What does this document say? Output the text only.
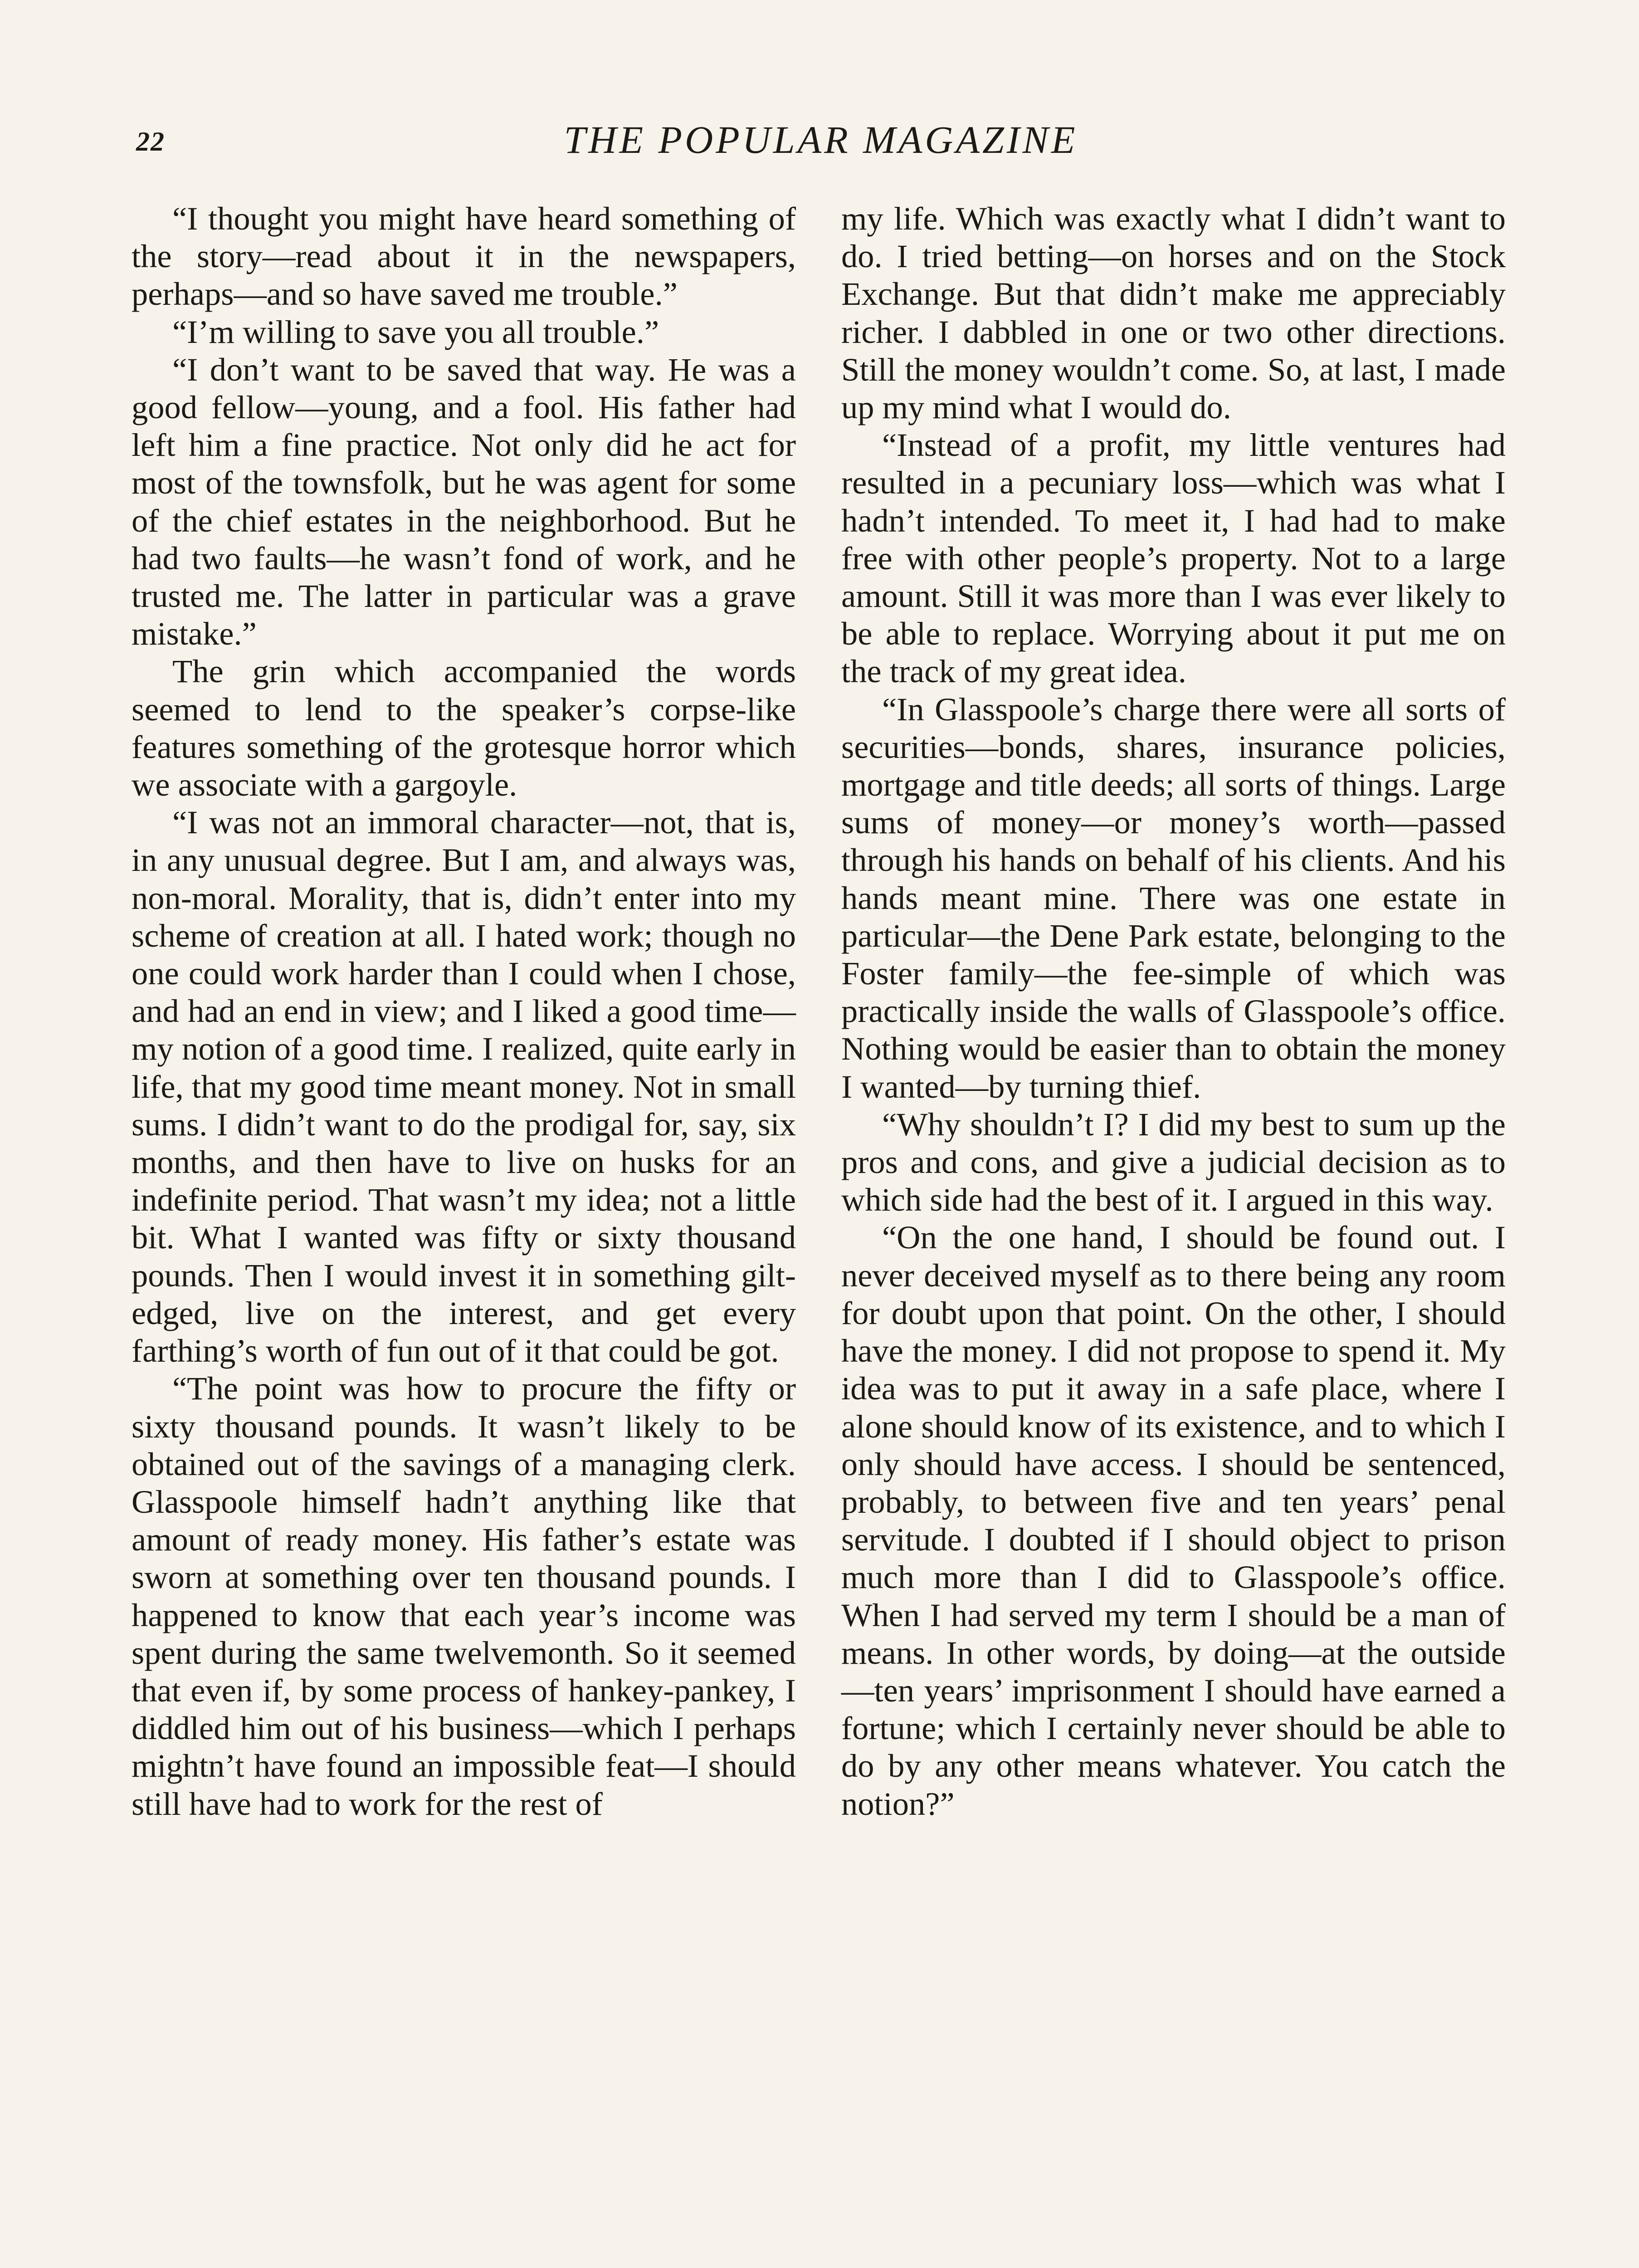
22	THE POPULAR MAGAZINE

“I thought you might have heard something of the story—read about it in the newspapers, perhaps—and so have saved me trouble.”

“I’m willing to save you all trouble.”

“I don’t want to be saved that way. He was a good fellow—young, and a fool. His father had left him a fine practice. Not only did he act for most of the townsfolk, but he was agent for some of the chief estates in the neighborhood. But he had two faults—he wasn’t fond of work, and he trusted me. The latter in particular was a grave mistake.”

The grin which accompanied the words seemed to lend to the speaker’s corpse-like features something of the grotesque horror which we associate with a gargoyle.

“I was not an immoral character—not, that is, in any unusual degree. But I am, and always was, non-moral. Morality, that is, didn’t enter into my scheme of creation at all. I hated work; though no one could work harder than I could when I chose, and had an end in view; and I liked a good time—my notion of a good time. I realized, quite early in life, that my good time meant money. Not in small sums. I didn’t want to do the prodigal for, say, six months, and then have to live on husks for an indefinite period. That wasn’t my idea; not a little bit. What I wanted was fifty or sixty thousand pounds. Then I would invest it in something gilt-edged, live on the interest, and get every farthing’s worth of fun out of it that could be got.

“The point was how to procure the fifty or sixty thousand pounds. It wasn’t likely to be obtained out of the savings of a managing clerk. Glasspoole himself hadn’t anything like that amount of ready money. His father’s estate was sworn at something over ten thousand pounds. I happened to know that each year’s income was spent during the same twelvemonth. So it seemed that even if, by some process of hankey-pankey, I diddled him out of his business—which I perhaps mightn’t have found an impossible feat—I should still have had to work for the rest of

my life. Which was exactly what I didn’t want to do. I tried betting—on horses and on the Stock Exchange. But that didn’t make me appreciably richer. I dabbled in one or two other directions. Still the money wouldn’t come. So, at last, I made up my mind what I would do.

“Instead of a profit, my little ventures had resulted in a pecuniary loss—which was what I hadn’t intended. To meet it, I had had to make free with other people’s property. Not to a large amount. Still it was more than I was ever likely to be able to replace. Worrying about it put me on the track of my great idea.

“In Glasspoole’s charge there were all sorts of securities—bonds, shares, insurance policies, mortgage and title deeds; all sorts of things. Large sums of money—or money’s worth—passed through his hands on behalf of his clients. And his hands meant mine. There was one estate in particular—the Dene Park estate, belonging to the Foster family—the fee-simple of which was practically inside the walls of Glasspoole’s office. Nothing would be easier than to obtain the money I wanted—by turning thief.

“Why shouldn’t I? I did my best to sum up the pros and cons, and give a judicial decision as to which side had the best of it. I argued in this way.

“On the one hand, I should be found out. I never deceived myself as to there being any room for doubt upon that point. On the other, I should have the money. I did not propose to spend it. My idea was to put it away in a safe place, where I alone should know of its existence, and to which I only should have access. I should be sentenced, probably, to between five and ten years’ penal servitude. I doubted if I should object to prison much more than I did to Glasspoole’s office. When I had served my term I should be a man of means. In other words, by doing—at the outside—ten years’ imprisonment I should have earned a fortune; which I certainly never should be able to do by any other means whatever. You catch the notion?”
